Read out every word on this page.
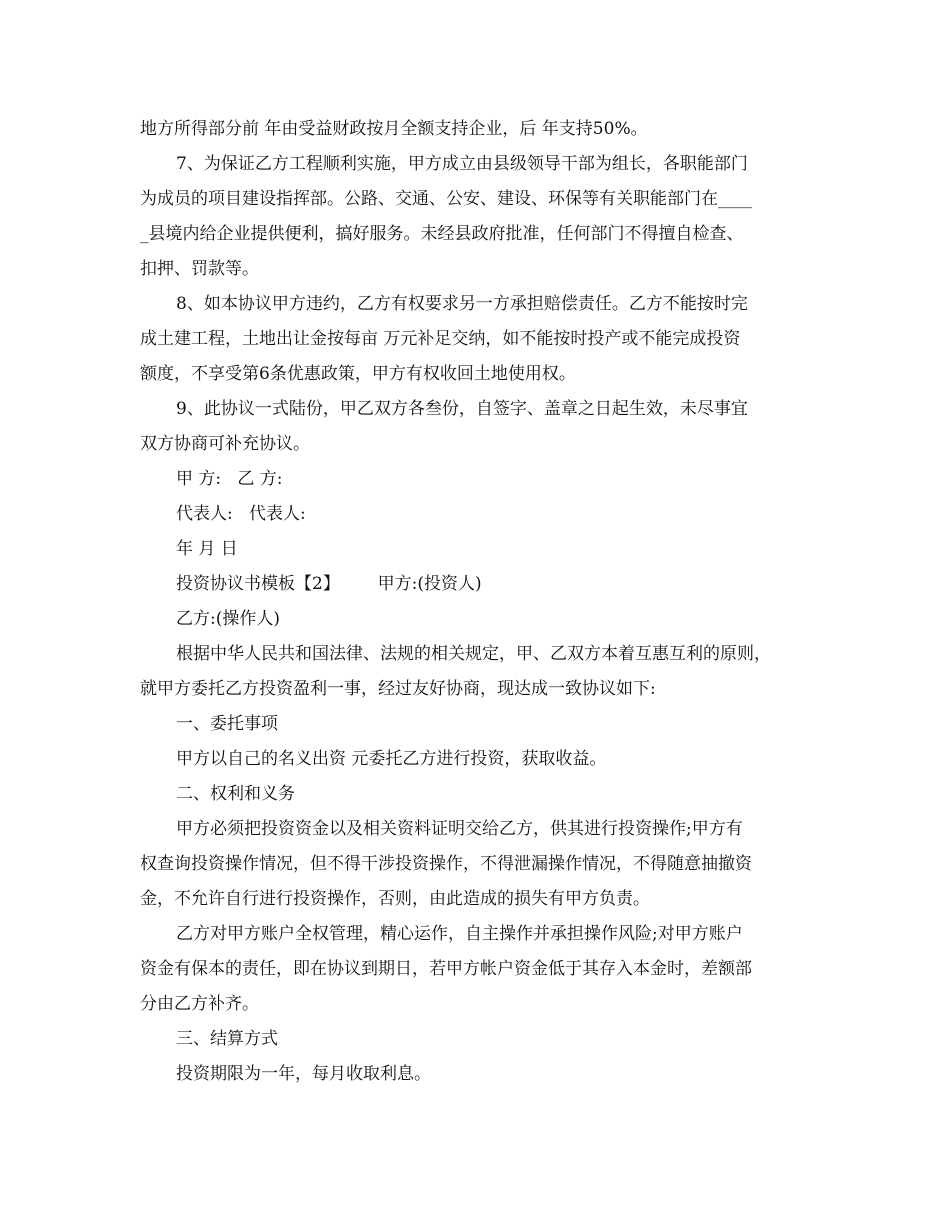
地方所得部分前 年由受益财政按月全额支持企业，后 年支持50%。
7、为保证乙方工程顺利实施，甲方成立由县级领导干部为组长，各职能部门
为成员的项目建设指挥部。公路、交通、公安、建设、环保等有关职能部门在____
_县境内给企业提供便利，搞好服务。未经县政府批准，任何部门不得擅自检查、
扣押、罚款等。
8、如本协议甲方违约，乙方有权要求另一方承担赔偿责任。乙方不能按时完
成土建工程，土地出让金按每亩 万元补足交纳，如不能按时投产或不能完成投资
额度，不享受第6条优惠政策，甲方有权收回土地使用权。
9、此协议一式陆份，甲乙双方各叁份，自签字、盖章之日起生效，未尽事宜
双方协商可补充协议。
甲 方:   乙 方:
代表人:   代表人:
年 月 日
投资协议书模板【2】       甲方:(投资人)
乙方:(操作人)
根据中华人民共和国法律、法规的相关规定，甲、乙双方本着互惠互利的原则，
就甲方委托乙方投资盈利一事，经过友好协商，现达成一致协议如下:
一、委托事项
甲方以自己的名义出资 元委托乙方进行投资，获取收益。
二、权利和义务
甲方必须把投资资金以及相关资料证明交给乙方，供其进行投资操作;甲方有
权查询投资操作情况，但不得干涉投资操作，不得泄漏操作情况，不得随意抽撤资
金，不允许自行进行投资操作，否则，由此造成的损失有甲方负责。
乙方对甲方账户全权管理，精心运作，自主操作并承担操作风险;对甲方账户
资金有保本的责任，即在协议到期日，若甲方帐户资金低于其存入本金时，差额部
分由乙方补齐。
三、结算方式
投资期限为一年，每月收取利息。
